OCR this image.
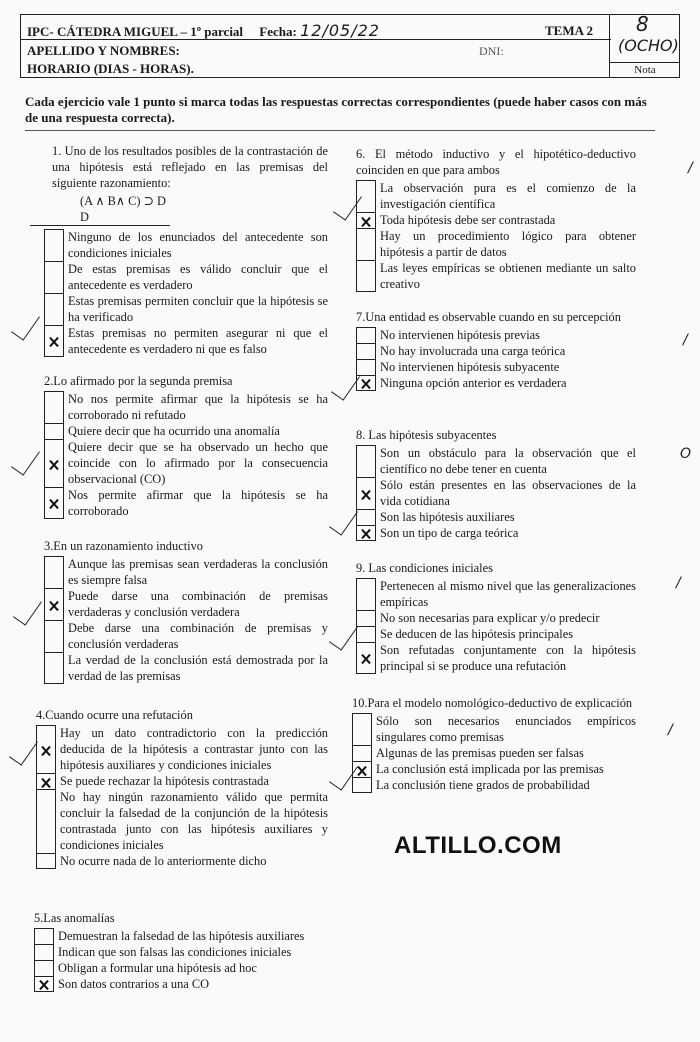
IPC- CÁTEDRA MIGUEL – 1º parcial Fecha: 12/05/22	TEMA 2
APELLIDO Y NOMBRES:	DNI:
HORARIO (DIAS - HORAS).
8
(OCHO)
Nota
Cada ejercicio vale 1 punto si marca todas las respuestas correctas correspondientes (puede haber casos con más de una respuesta correcta).
1. Uno de los resultados posibles de la contrastación de una hipótesis está reflejado en las premisas del siguiente razonamiento:
(A ∧ B∧ C) ⊃ D
D
Ninguno de los enunciados del antecedente son condiciones iniciales
De estas premisas es válido concluir que el antecedente es verdadero
Estas premisas permiten concluir que la hipótesis se ha verificado
Estas premisas no permiten asegurar ni que el antecedente es verdadero ni que es falso
2.Lo afirmado por la segunda premisa
No nos permite afirmar que la hipótesis se ha corroborado ni refutado
Quiere decir que ha ocurrido una anomalía
Quiere decir que se ha observado un hecho que coincide con lo afirmado por la consecuencia observacional (CO)
Nos permite afirmar que la hipótesis se ha corroborado
3.En un razonamiento inductivo
Aunque las premisas sean verdaderas la conclusión es siempre falsa
Puede darse una combinación de premisas verdaderas y conclusión verdadera
Debe darse una combinación de premisas y conclusión verdaderas
La verdad de la conclusión está demostrada por la verdad de las premisas
4.Cuando ocurre una refutación
Hay un dato contradictorio con la predicción deducida de la hipótesis a contrastar junto con las hipótesis auxiliares y condiciones iniciales
Se puede rechazar la hipótesis contrastada
No hay ningún razonamiento válido que permita concluir la falsedad de la conjunción de la hipótesis contrastada junto con las hipótesis auxiliares y condiciones iniciales
No ocurre nada de lo anteriormente dicho
5.Las anomalías
Demuestran la falsedad de las hipótesis auxiliares
Indican que son falsas las condiciones iniciales
Obligan a formular una hipótesis ad hoc
Son datos contrarios a una CO
6. El método inductivo y el hipotético-deductivo coinciden en que para ambos
La observación pura es el comienzo de la investigación científica
Toda hipótesis debe ser contrastada
Hay un procedimiento lógico para obtener hipótesis a partir de datos
Las leyes empíricas se obtienen mediante un salto creativo
7.Una entidad es observable cuando en su percepción
No intervienen hipótesis previas
No hay involucrada una carga teórica
No intervienen hipótesis subyacente
Ninguna opción anterior es verdadera
8. Las hipótesis subyacentes
Son un obstáculo para la observación que el científico no debe tener en cuenta
Sólo están presentes en las observaciones de la vida cotidiana
Son las hipótesis auxiliares
Son un tipo de carga teórica
9. Las condiciones iniciales
Pertenecen al mismo nivel que las generalizaciones empíricas
No son necesarias para explicar y/o predecir
Se deducen de las hipótesis principales
Son refutadas conjuntamente con la hipótesis principal si se produce una refutación
10.Para el modelo nomológico-deductivo de explicación
Sólo son necesarios enunciados empíricos singulares como premisas
Algunas de las premisas pueden ser falsas
La conclusión está implicada por las premisas
La conclusión tiene grados de probabilidad
/
/
O
/
/
ALTILLO.COM
